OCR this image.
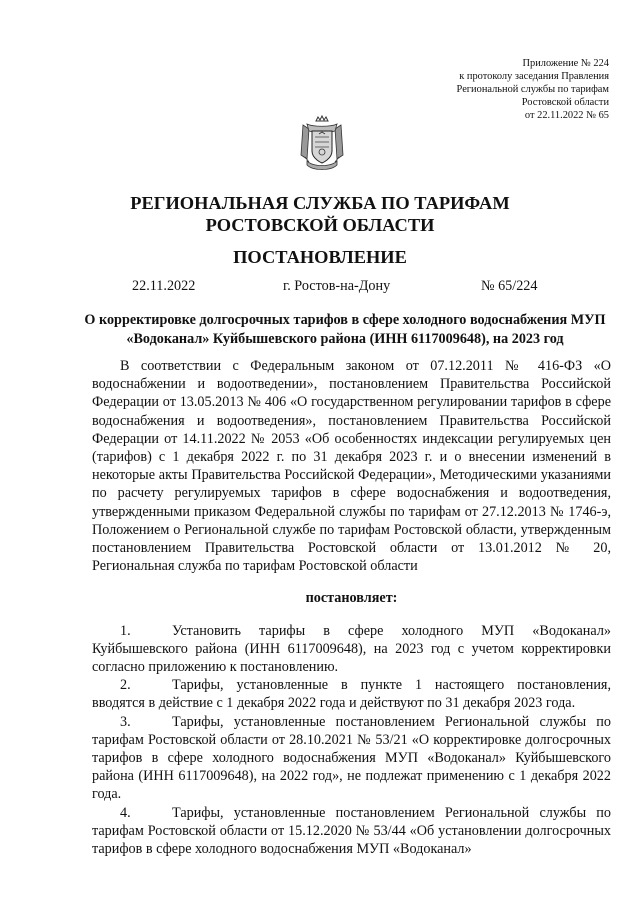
Приложение № 224
к протоколу заседания Правления
Региональной службы по тарифам
Ростовской области
от 22.11.2022 № 65
РЕГИОНАЛЬНАЯ СЛУЖБА ПО ТАРИФАМ
РОСТОВСКОЙ ОБЛАСТИ
ПОСТАНОВЛЕНИЕ
22.11.2022	г. Ростов-на-Дону	№ 65/224
О корректировке долгосрочных тарифов в сфере холодного водоснабжения МУП «Водоканал» Куйбышевского района (ИНН 6117009648), на 2023 год

В соответствии с Федеральным законом от 07.12.2011 № 416-ФЗ «О водоснабжении и водоотведении», постановлением Правительства Российской Федерации от 13.05.2013 № 406 «О государственном регулировании тарифов в сфере водоснабжения и водоотведения», постановлением Правительства Российской Федерации от 14.11.2022 № 2053 «Об особенностях индексации регулируемых цен (тарифов) с 1 декабря 2022 г. по 31 декабря 2023 г. и о внесении изменений в некоторые акты Правительства Российской Федерации», Методическими указаниями по расчету регулируемых тарифов в сфере водоснабжения и водоотведения, утвержденными приказом Федеральной службы по тарифам от 27.12.2013 № 1746-э, Положением о Региональной службе по тарифам Ростовской области, утвержденным постановлением Правительства Ростовской области от 13.01.2012 № 20, Региональная служба по тарифам Ростовской области

постановляет:

1.	Установить тарифы в сфере холодного МУП «Водоканал» Куйбышевского района (ИНН 6117009648), на 2023 год с учетом корректировки согласно приложению к постановлению.

2.	Тарифы, установленные в пункте 1 настоящего постановления, вводятся в действие с 1 декабря 2022 года и действуют по 31 декабря 2023 года.

3.	Тарифы, установленные постановлением Региональной службы по тарифам Ростовской области от 28.10.2021 № 53/21 «О корректировке долгосрочных тарифов в сфере холодного водоснабжения МУП «Водоканал» Куйбышевского района (ИНН 6117009648), на 2022 год», не подлежат применению с 1 декабря 2022 года.

4.	Тарифы, установленные постановлением Региональной службы по тарифам Ростовской области от 15.12.2020 № 53/44 «Об установлении долгосрочных тарифов в сфере холодного водоснабжения МУП «Водоканал»
